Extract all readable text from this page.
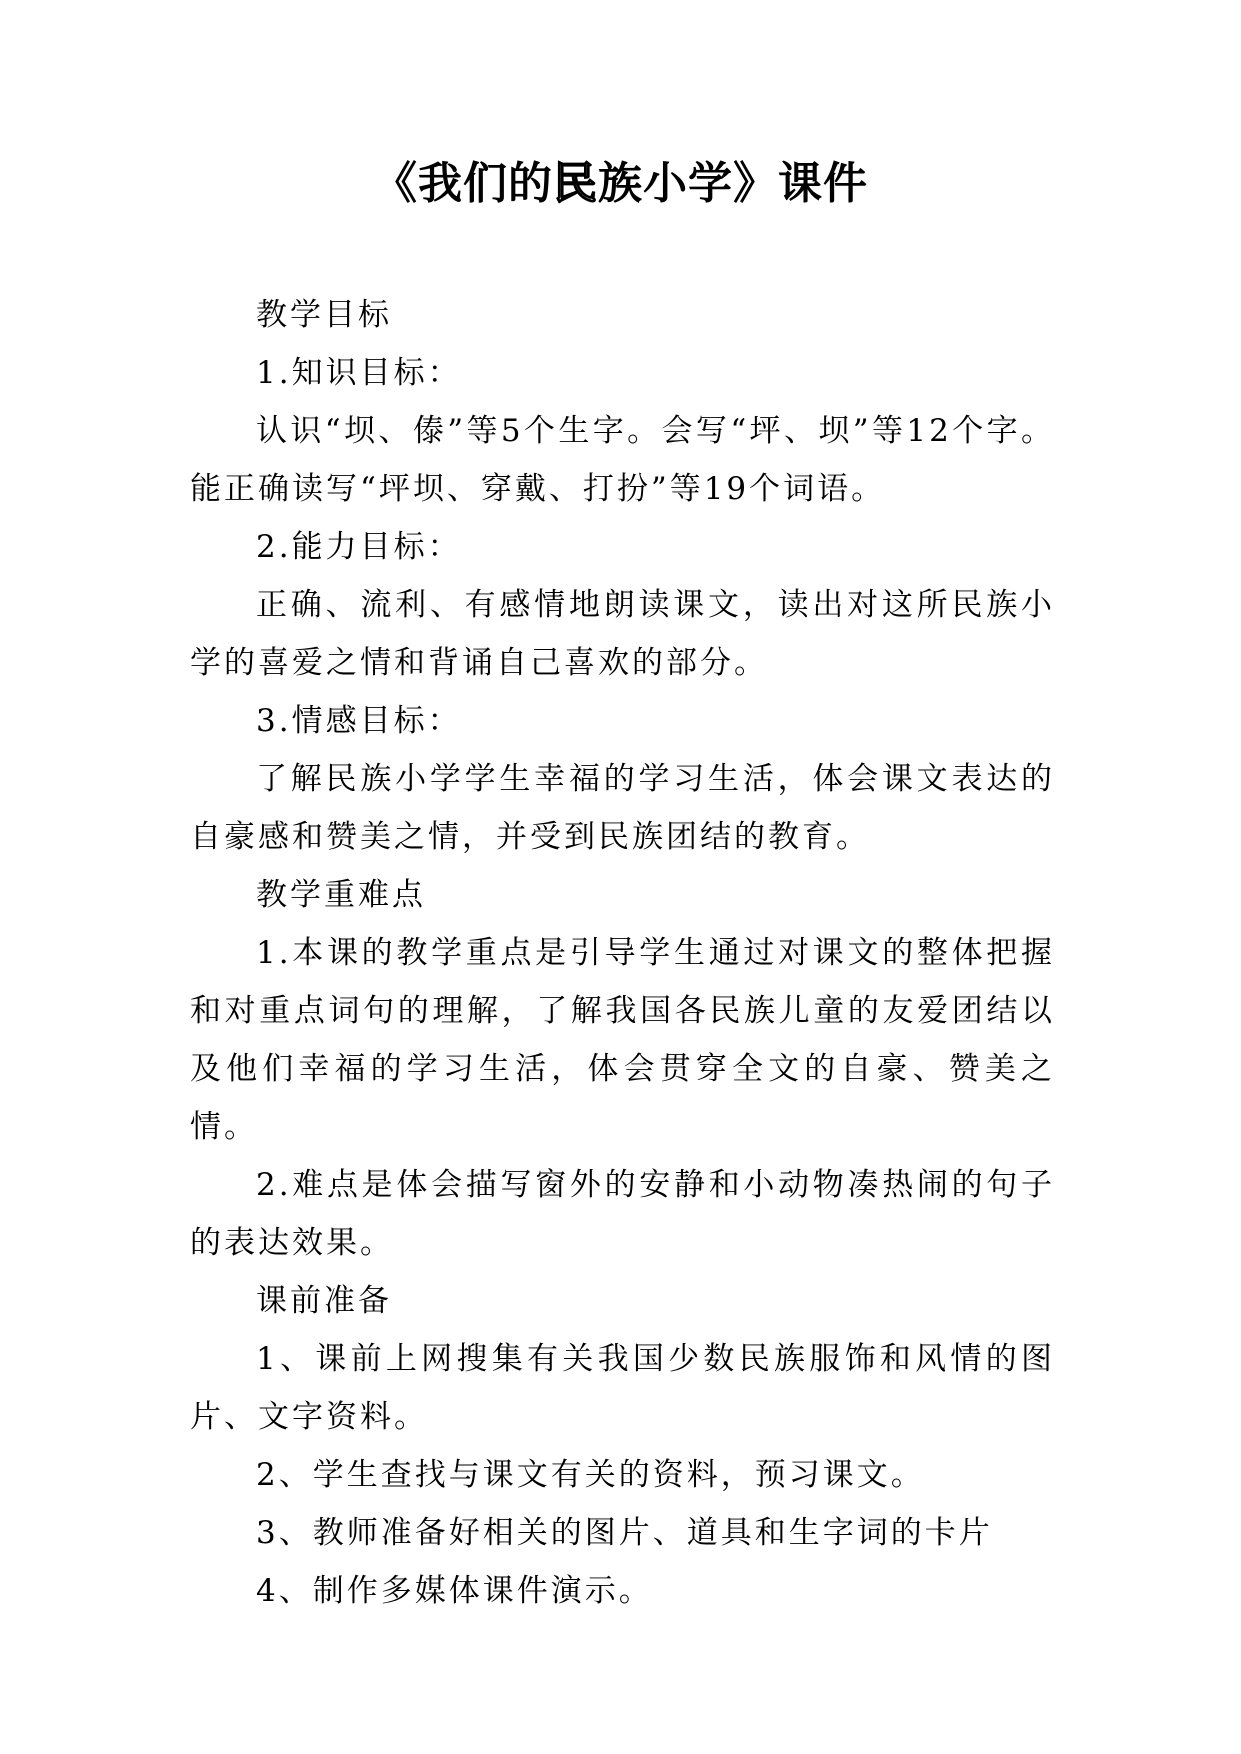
《我们的民族小学》课件

教学目标

1.知识目标：

认识“坝、傣”等5个生字。会写“坪、坝”等12个字。能正确读写“坪坝、穿戴、打扮”等19个词语。

2.能力目标：

正确、流利、有感情地朗读课文，读出对这所民族小学的喜爱之情和背诵自己喜欢的部分。

3.情感目标：

了解民族小学学生幸福的学习生活，体会课文表达的自豪感和赞美之情，并受到民族团结的教育。

教学重难点

1.本课的教学重点是引导学生通过对课文的整体把握和对重点词句的理解，了解我国各民族儿童的友爱团结以及他们幸福的学习生活，体会贯穿全文的自豪、赞美之情。

2.难点是体会描写窗外的安静和小动物凑热闹的句子的表达效果。

课前准备

1、课前上网搜集有关我国少数民族服饰和风情的图片、文字资料。

2、学生查找与课文有关的资料，预习课文。

3、教师准备好相关的图片、道具和生字词的卡片

4、制作多媒体课件演示。
